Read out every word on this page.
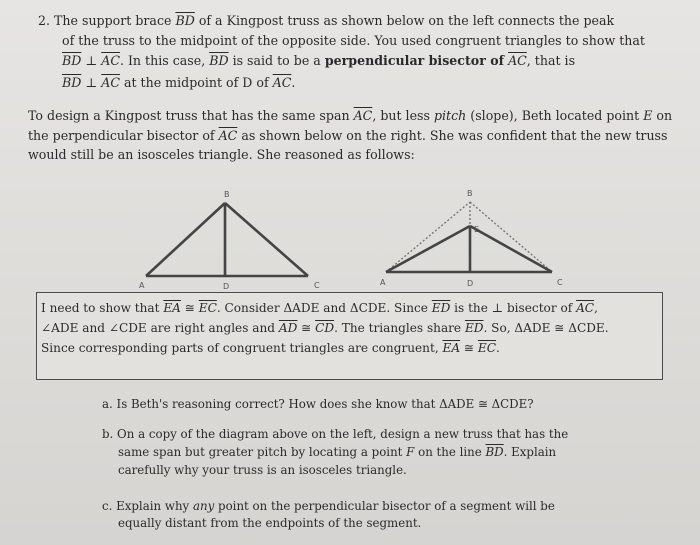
2. The support brace $\overline{BD}$ of a Kingpost truss as shown below on the left connects the peak
of the truss to the midpoint of the opposite side. You used congruent triangles to show that
$\overline{BD}$ ⊥ $\overline{AC}$. In this case, $\overline{BD}$ is said to be a perpendicular bisector of $\overline{AC}$, that is
$\overline{BD}$ ⊥ $\overline{AC}$ at the midpoint of D of $\overline{AC}$.
To design a Kingpost truss that has the same span $\overline{AC}$, but less pitch (slope), Beth located point E on
the perpendicular bisector of $\overline{AC}$ as shown below on the right. She was confident that the new truss
would still be an isosceles triangle. She reasoned as follows:
B
A	D	C
B
E
A	D	C
I need to show that $\overline{EA}$ ≅ $\overline{EC}$. Consider ΔADE and ΔCDE. Since $\overline{ED}$ is the ⊥ bisector of $\overline{AC}$,
∠ADE and ∠CDE are right angles and $\overline{AD}$ ≅ $\overline{CD}$. The triangles share $\overline{ED}$. So, ΔADE ≅ ΔCDE.
Since corresponding parts of congruent triangles are congruent, $\overline{EA}$ ≅ $\overline{EC}$.
a. Is Beth's reasoning correct? How does she know that ΔADE ≅ ΔCDE?
b. On a copy of the diagram above on the left, design a new truss that has the
same span but greater pitch by locating a point F on the line $\overline{BD}$. Explain
carefully why your truss is an isosceles triangle.
c. Explain why any point on the perpendicular bisector of a segment will be
equally distant from the endpoints of the segment.
